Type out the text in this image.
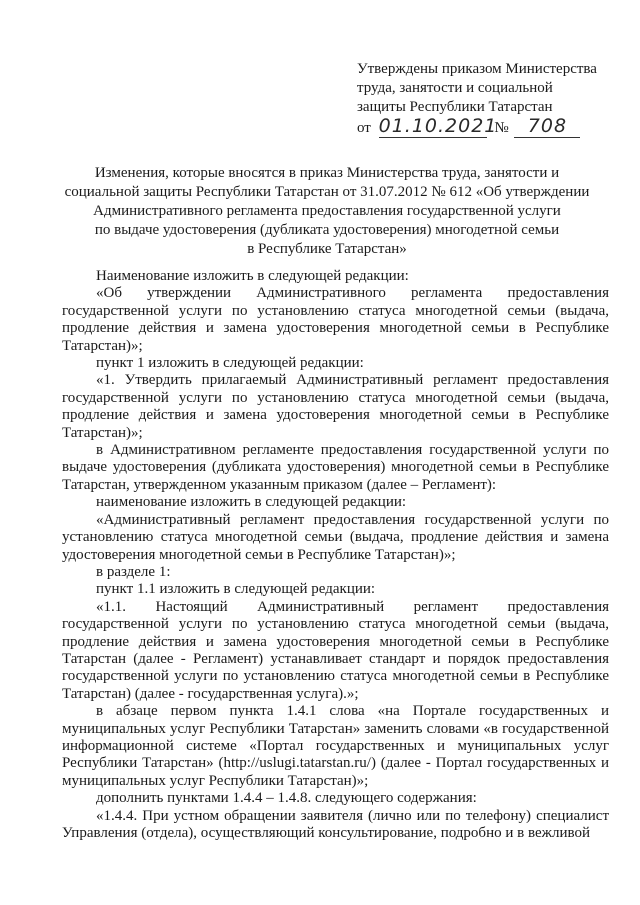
Утверждены приказом Министерства
труда, занятости и социальной
защиты Республики Татарстан
от 01.10.2021 № 708
Изменения, которые вносятся в приказ Министерства труда, занятости и
социальной защиты Республики Татарстан от 31.07.2012 № 612 «Об утверждении
Административного регламента предоставления государственной услуги
по выдаче удостоверения (дубликата удостоверения) многодетной семьи
в Республике Татарстан»

Наименование изложить в следующей редакции:

«Об утверждении Административного регламента предоставления государственной услуги по установлению статуса многодетной семьи (выдача, продление действия и замена удостоверения многодетной семьи в Республике Татарстан)»;

пункт 1 изложить в следующей редакции:

«1. Утвердить прилагаемый Административный регламент предоставления государственной услуги по установлению статуса многодетной семьи (выдача, продление действия и замена удостоверения многодетной семьи в Республике Татарстан)»;

в Административном регламенте предоставления государственной услуги по выдаче удостоверения (дубликата удостоверения) многодетной семьи в Республике Татарстан, утвержденном указанным приказом (далее – Регламент):

наименование изложить в следующей редакции:

«Административный регламент предоставления государственной услуги по установлению статуса многодетной семьи (выдача, продление действия и замена удостоверения многодетной семьи в Республике Татарстан)»;

в разделе 1:

пункт 1.1 изложить в следующей редакции:

«1.1. Настоящий Административный регламент предоставления государственной услуги по установлению статуса многодетной семьи (выдача, продление действия и замена удостоверения многодетной семьи в Республике Татарстан (далее - Регламент) устанавливает стандарт и порядок предоставления государственной услуги по установлению статуса многодетной семьи в Республике Татарстан) (далее - государственная услуга).»;

в абзаце первом пункта 1.4.1 слова «на Портале государственных и муниципальных услуг Республики Татарстан» заменить словами «в государственной информационной системе «Портал государственных и муниципальных услуг Республики Татарстан» (http://uslugi.tatarstan.ru/) (далее - Портал государственных и муниципальных услуг Республики Татарстан)»;

дополнить пунктами 1.4.4 – 1.4.8. следующего содержания:

«1.4.4. При устном обращении заявителя (лично или по телефону) специалист Управления (отдела), осуществляющий консультирование, подробно и в вежливой
